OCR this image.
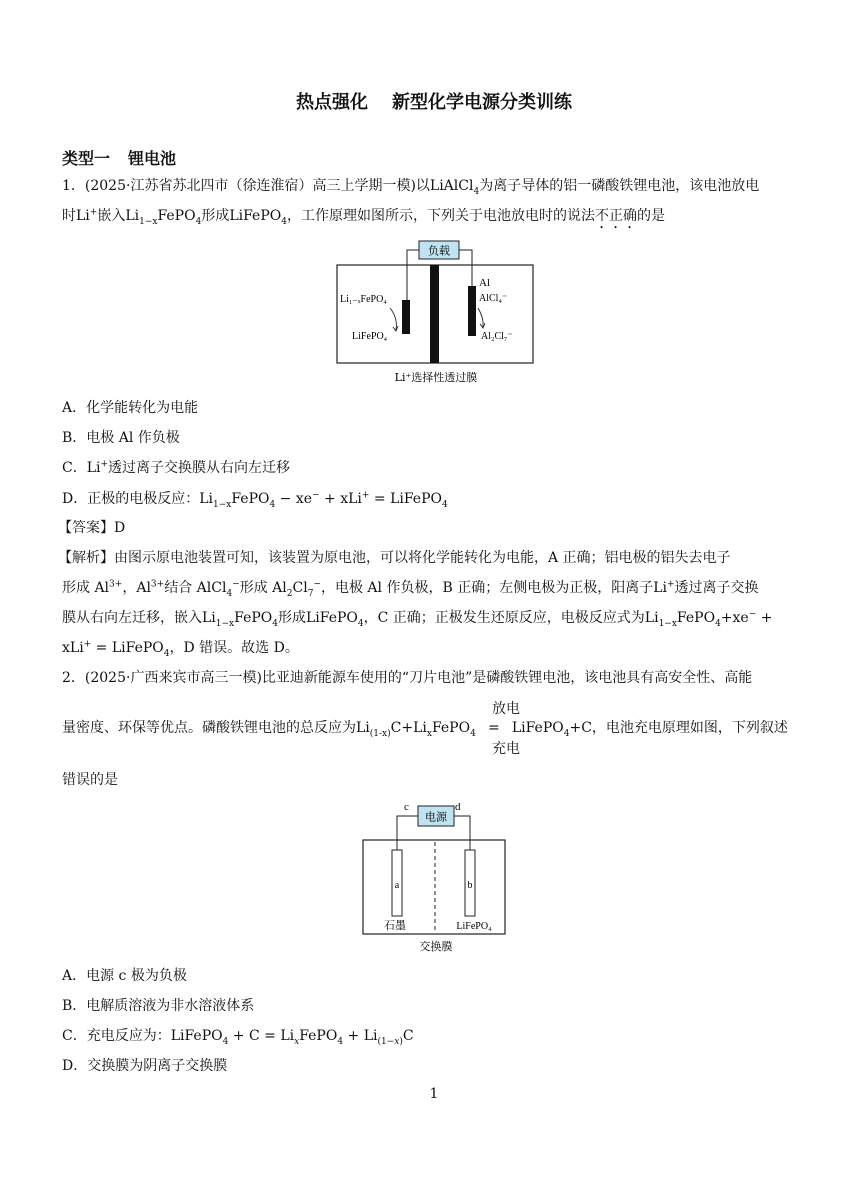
热点强化 新型化学电源分类训练
类型一 锂电池
1．(2025·江苏省苏北四市（徐连淮宿）高三上学期一模)以LiAlCl$_4$为离子导体的铝一磷酸铁锂电池，该电池放电
时Li+嵌入$Li_{1-x}FePO_4$形成LiFePO$_4$，工作原理如图所示，下列关于电池放电时的说法不正确的是
负载
Li₁₋ₓFePO₄
LiFePO₄
Al
AlCl₄⁻
Al₂Cl₇⁻
Li⁺选择性透过膜
A．化学能转化为电能
B．电极 Al 作负极
C．Li+透过离子交换膜从右向左迁移
D．正极的电极反应：$Li_{1-x}FePO_4 - xe^- + xLi^+$ = LiFePO$_4$
【答案】D
【解析】由图示原电池装置可知，该装置为原电池，可以将化学能转化为电能，A 正确；铝电极的铝失去电子
形成 $Al^{3+}$，$Al^{3+}$结合 AlCl$_4$−形成 $Al_2Cl_7^-$，电极 Al 作负极，B 正确；左侧电极为正极，阳离子Li+透过离子交换
膜从右向左迁移，嵌入$Li_{1-x}FePO_4$形成LiFePO$_4$，C 正确；正极发生还原反应，电极反应式为$Li_{1-x}FePO_4+xe^-$ +
xLi+ = LiFePO$_4$，D 错误。故选 D。
2．(2025·广西来宾市高三一模)比亚迪新能源车使用的“刀片电池”是磷酸铁锂电池，该电池具有高安全性、高能
放电
量密度、环保等优点。磷酸铁锂电池的总反应为$Li_{(1-x)}C+Li_xFePO_4$ = LiFePO$_4$+C，电池充电原理如图，下列叙述
充电
错误的是
电源
c	d
a	b
石墨	LiFePO₄
交换膜
A．电源 c 极为负极
B．电解质溶液为非水溶液体系
C．充电反应为：LiFePO$_4$ + $C = Li_xFePO_4 + Li_{(1-x)}C$
D．交换膜为阴离子交换膜
1
